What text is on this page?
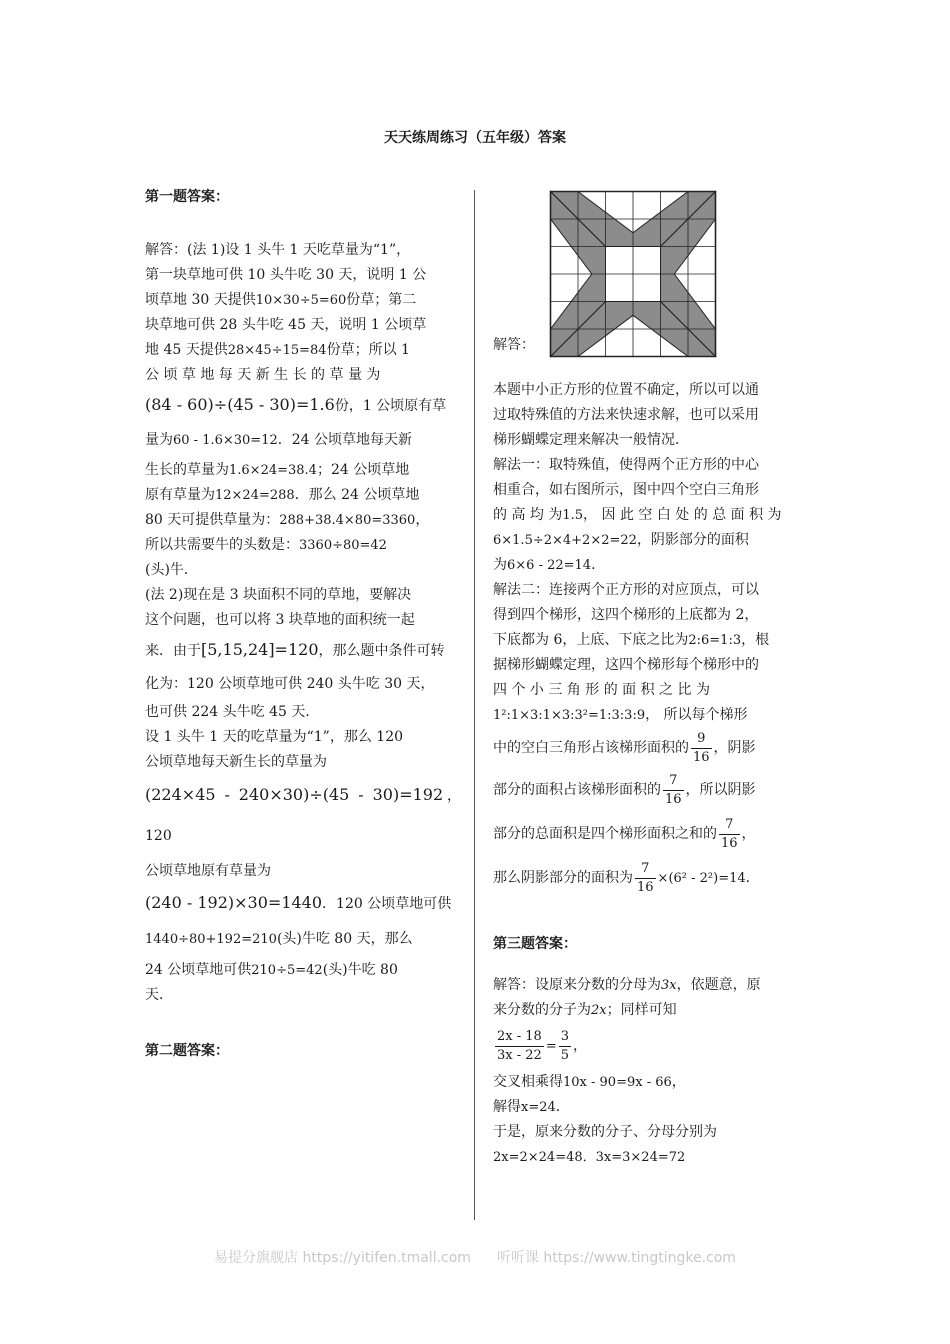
天天练周练习（五年级）答案
第一题答案：

解答：(法 1)设 1 头牛 1 天吃草量为“1”，

第一块草地可供 10 头牛吃 30 天，说明 1 公

顷草地 30 天提供10×30÷5=60份草；第二

块草地可供 28 头牛吃 45 天，说明 1 公顷草

地 45 天提供28×45÷15=84份草；所以 1

公 顷 草 地 每 天 新 生 长 的 草 量 为

(84 - 60)÷(45 - 30)=1.6份，1 公顷原有草

量为60 - 1.6×30=12．24 公顷草地每天新

生长的草量为1.6×24=38.4；24 公顷草地

原有草量为12×24=288．那么 24 公顷草地

80 天可提供草量为：288+38.4×80=3360，

所以共需要牛的头数是：3360÷80=42

(头)牛．

(法 2)现在是 3 块面积不同的草地，要解决

这个问题，也可以将 3 块草地的面积统一起

来．由于[5,15,24]=120，那么题中条件可转

化为：120 公顷草地可供 240 头牛吃 30 天，

也可供 224 头牛吃 45 天．

设 1 头牛 1 天的吃草量为“1”，那么 120

公顷草地每天新生长的草量为

(224×45 - 240×30)÷(45 - 30)=192，120

公顷草地原有草量为

(240 - 192)×30=1440．120 公顷草地可供

1440÷80+192=210(头)牛吃 80 天，那么

24 公顷草地可供210÷5=42(头)牛吃 80

天．

第二题答案：
解答：

本题中小正方形的位置不确定，所以可以通

过取特殊值的方法来快速求解，也可以采用

梯形蝴蝶定理来解决一般情况．

解法一：取特殊值，使得两个正方形的中心

相重合，如右图所示，图中四个空白三角形

的 高 均 为1.5， 因 此 空 白 处 的 总 面 积 为

6×1.5÷2×4+2×2=22，阴影部分的面积

为6×6 - 22=14．

解法二：连接两个正方形的对应顶点，可以

得到四个梯形，这四个梯形的上底都为 2，

下底都为 6，上底、下底之比为2:6=1:3，根

据梯形蝴蝶定理，这四个梯形每个梯形中的

四 个 小 三 角 形 的 面 积 之 比 为

1²:1×3:1×3:3²=1:3:3:9， 所以每个梯形

中的空白三角形占该梯形面积的 $\frac{9}{16}$ ，阴影

部分的面积占该梯形面积的 $\frac{7}{16}$ ，所以阴影

部分的总面积是四个梯形面积之和的 $\frac{7}{16}$ ，

那么阴影部分的面积为 $\frac{7}{16} \times(6^2 - 2^2)=14$．

第三题答案：

解答：设原来分数的分母为3x，依题意，原

来分数的分子为2x；同样可知

$\frac{2x - 18}{3x - 22} = \frac{3}{5}$ ，

交叉相乘得10x - 90=9x - 66，

解得x=24．

于是，原来分数的分子、分母分别为

2x=2×24=48．3x=3×24=72

易提分旗舰店 https://yitifen.tmall.com 听听课 https://www.tingtingke.com
